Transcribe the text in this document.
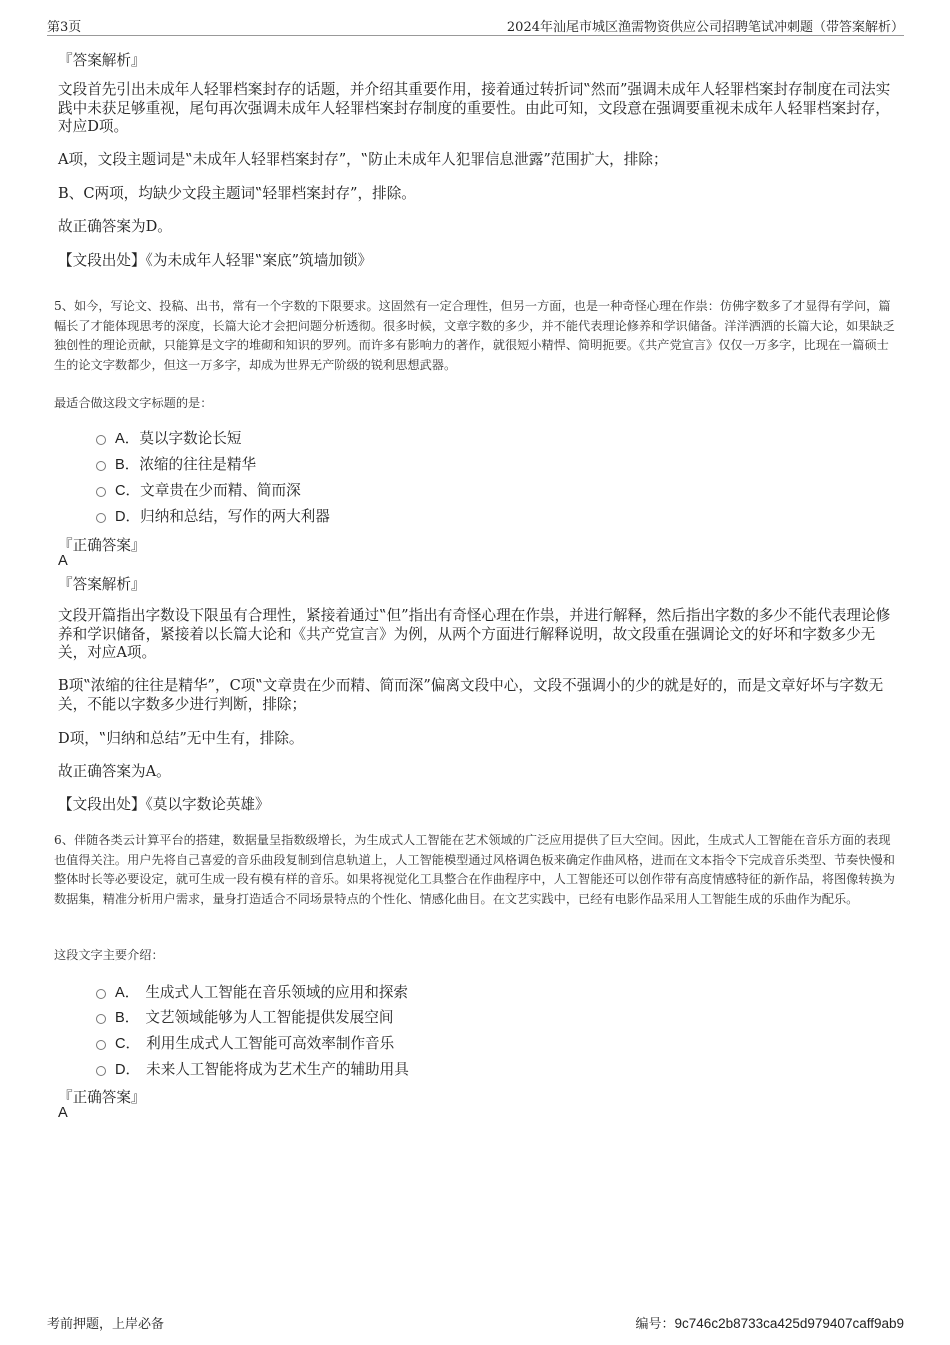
第3页	2024年汕尾市城区渔需物资供应公司招聘笔试冲刺题（带答案解析）
『答案解析』
文段首先引出未成年人轻罪档案封存的话题，并介绍其重要作用，接着通过转折词‟然而”强调未成年人轻罪档案封存制度在司法实践中未获足够重视，尾句再次强调未成年人轻罪档案封存制度的重要性。由此可知，文段意在强调要重视未成年人轻罪档案封存，对应D项。
A项，文段主题词是‟未成年人轻罪档案封存”，‟防止未成年人犯罪信息泄露”范围扩大，排除；
B、C两项，均缺少文段主题词‟轻罪档案封存”，排除。
故正确答案为D。
【文段出处】《为未成年人轻罪‟案底”筑墙加锁》
5、如今，写论文、投稿、出书，常有一个字数的下限要求。这固然有一定合理性，但另一方面，也是一种奇怪心理在作祟：仿佛字数多了才显得有学问，篇幅长了才能体现思考的深度，长篇大论才会把问题分析透彻。很多时候，文章字数的多少，并不能代表理论修养和学识储备。洋洋洒洒的长篇大论，如果缺乏独创性的理论贡献，只能算是文字的堆砌和知识的罗列。而许多有影响力的著作，就很短小精悍、简明扼要。《共产党宣言》仅仅一万多字，比现在一篇硕士生的论文字数都少，但这一万多字，却成为世界无产阶级的锐利思想武器。
最适合做这段文字标题的是：
A．莫以字数论长短
B．浓缩的往往是精华
C．文章贵在少而精、简而深
D．归纳和总结，写作的两大利器
『正确答案』
A
『答案解析』
文段开篇指出字数设下限虽有合理性，紧接着通过‟但”指出有奇怪心理在作祟，并进行解释，然后指出字数的多少不能代表理论修养和学识储备，紧接着以长篇大论和《共产党宣言》为例，从两个方面进行解释说明，故文段重在强调论文的好坏和字数多少无关，对应A项。
B项‟浓缩的往往是精华”，C项‟文章贵在少而精、简而深”偏离文段中心，文段不强调小的少的就是好的，而是文章好坏与字数无关，不能以字数多少进行判断，排除；
D项，‟归纳和总结”无中生有，排除。
故正确答案为A。
【文段出处】《莫以字数论英雄》
6、伴随各类云计算平台的搭建，数据量呈指数级增长，为生成式人工智能在艺术领域的广泛应用提供了巨大空间。因此，生成式人工智能在音乐方面的表现也值得关注。用户先将自己喜爱的音乐曲段复制到信息轨道上，人工智能模型通过风格调色板来确定作曲风格，进而在文本指令下完成音乐类型、节奏快慢和整体时长等必要设定，就可生成一段有模有样的音乐。如果将视觉化工具整合在作曲程序中，人工智能还可以创作带有高度情感特征的新作品，将图像转换为数据集，精准分析用户需求，量身打造适合不同场景特点的个性化、情感化曲目。在文艺实践中，已经有电影作品采用人工智能生成的乐曲作为配乐。
这段文字主要介绍：
A． 生成式人工智能在音乐领域的应用和探索
B． 文艺领域能够为人工智能提供发展空间
C． 利用生成式人工智能可高效率制作音乐
D． 未来人工智能将成为艺术生产的辅助用具
『正确答案』
A
考前押题，上岸必备	编号：9c746c2b8733ca425d979407caff9ab9
